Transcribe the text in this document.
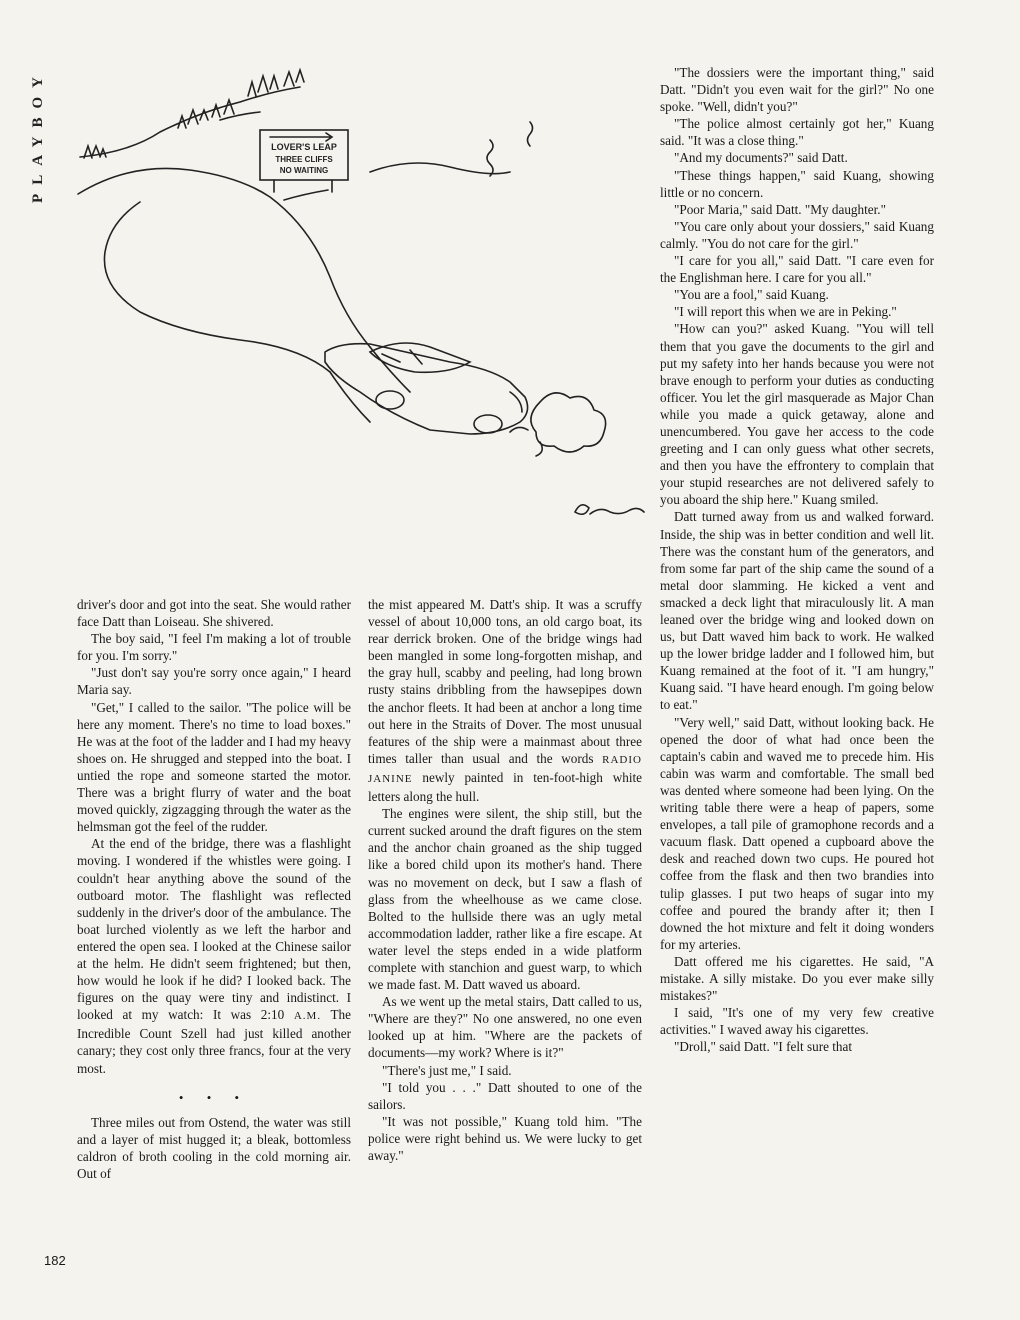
PLAYBOY	LOVER'S LEAP
THREE CLIFFS
NO WAITING

driver's door and got into the seat. She would rather face Datt than Loiseau. She shivered.

The boy said, "I feel I'm making a lot of trouble for you. I'm sorry."

"Just don't say you're sorry once again," I heard Maria say.

"Get," I called to the sailor. "The police will be here any moment. There's no time to load boxes." He was at the foot of the ladder and I had my heavy shoes on. He shrugged and stepped into the boat. I untied the rope and someone started the motor. There was a bright flurry of water and the boat moved quickly, zigzagging through the water as the helmsman got the feel of the rudder.

At the end of the bridge, there was a flashlight moving. I wondered if the whistles were going. I couldn't hear anything above the sound of the outboard motor. The flashlight was reflected suddenly in the driver's door of the ambulance. The boat lurched violently as we left the harbor and entered the open sea. I looked at the Chinese sailor at the helm. He didn't seem frightened; but then, how would he look if he did? I looked back. The figures on the quay were tiny and indistinct. I looked at my watch: It was 2:10 A.M. The Incredible Count Szell had just killed another canary; they cost only three francs, four at the very most.

• • •

Three miles out from Ostend, the water was still and a layer of mist hugged it; a bleak, bottomless caldron of broth cooling in the cold morning air. Out of

the mist appeared M. Datt's ship. It was a scruffy vessel of about 10,000 tons, an old cargo boat, its rear derrick broken. One of the bridge wings had been mangled in some long-forgotten mishap, and the gray hull, scabby and peeling, had long brown rusty stains dribbling from the hawsepipes down the anchor fleets. It had been at anchor a long time out here in the Straits of Dover. The most unusual features of the ship were a mainmast about three times taller than usual and the words RADIO JANINE newly painted in ten-foot-high white letters along the hull.

The engines were silent, the ship still, but the current sucked around the draft figures on the stem and the anchor chain groaned as the ship tugged like a bored child upon its mother's hand. There was no movement on deck, but I saw a flash of glass from the wheelhouse as we came close. Bolted to the hullside there was an ugly metal accommodation ladder, rather like a fire escape. At water level the steps ended in a wide platform complete with stanchion and guest warp, to which we made fast. M. Datt waved us aboard.

As we went up the metal stairs, Datt called to us, "Where are they?" No one answered, no one even looked up at him. "Where are the packets of documents—my work? Where is it?"

"There's just me," I said.

"I told you . . ." Datt shouted to one of the sailors.

"It was not possible," Kuang told him. "The police were right behind us. We were lucky to get away."

"The dossiers were the important thing," said Datt. "Didn't you even wait for the girl?" No one spoke. "Well, didn't you?"

"The police almost certainly got her," Kuang said. "It was a close thing."

"And my documents?" said Datt.

"These things happen," said Kuang, showing little or no concern.

"Poor Maria," said Datt. "My daughter."

"You care only about your dossiers," said Kuang calmly. "You do not care for the girl."

"I care for you all," said Datt. "I care even for the Englishman here. I care for you all."

"You are a fool," said Kuang.

"I will report this when we are in Peking."

"How can you?" asked Kuang. "You will tell them that you gave the documents to the girl and put my safety into her hands because you were not brave enough to perform your duties as conducting officer. You let the girl masquerade as Major Chan while you made a quick getaway, alone and unencumbered. You gave her access to the code greeting and I can only guess what other secrets, and then you have the effrontery to complain that your stupid researches are not delivered safely to you aboard the ship here." Kuang smiled.

Datt turned away from us and walked forward. Inside, the ship was in better condition and well lit. There was the constant hum of the generators, and from some far part of the ship came the sound of a metal door slamming. He kicked a vent and smacked a deck light that miraculously lit. A man leaned over the bridge wing and looked down on us, but Datt waved him back to work. He walked up the lower bridge ladder and I followed him, but Kuang remained at the foot of it. "I am hungry," Kuang said. "I have heard enough. I'm going below to eat."

"Very well," said Datt, without looking back. He opened the door of what had once been the captain's cabin and waved me to precede him. His cabin was warm and comfortable. The small bed was dented where someone had been lying. On the writing table there were a heap of papers, some envelopes, a tall pile of gramophone records and a vacuum flask. Datt opened a cupboard above the desk and reached down two cups. He poured hot coffee from the flask and then two brandies into tulip glasses. I put two heaps of sugar into my coffee and poured the brandy after it; then I downed the hot mixture and felt it doing wonders for my arteries.

Datt offered me his cigarettes. He said, "A mistake. A silly mistake. Do you ever make silly mistakes?"

I said, "It's one of my very few creative activities." I waved away his cigarettes.

"Droll," said Datt. "I felt sure that

182
